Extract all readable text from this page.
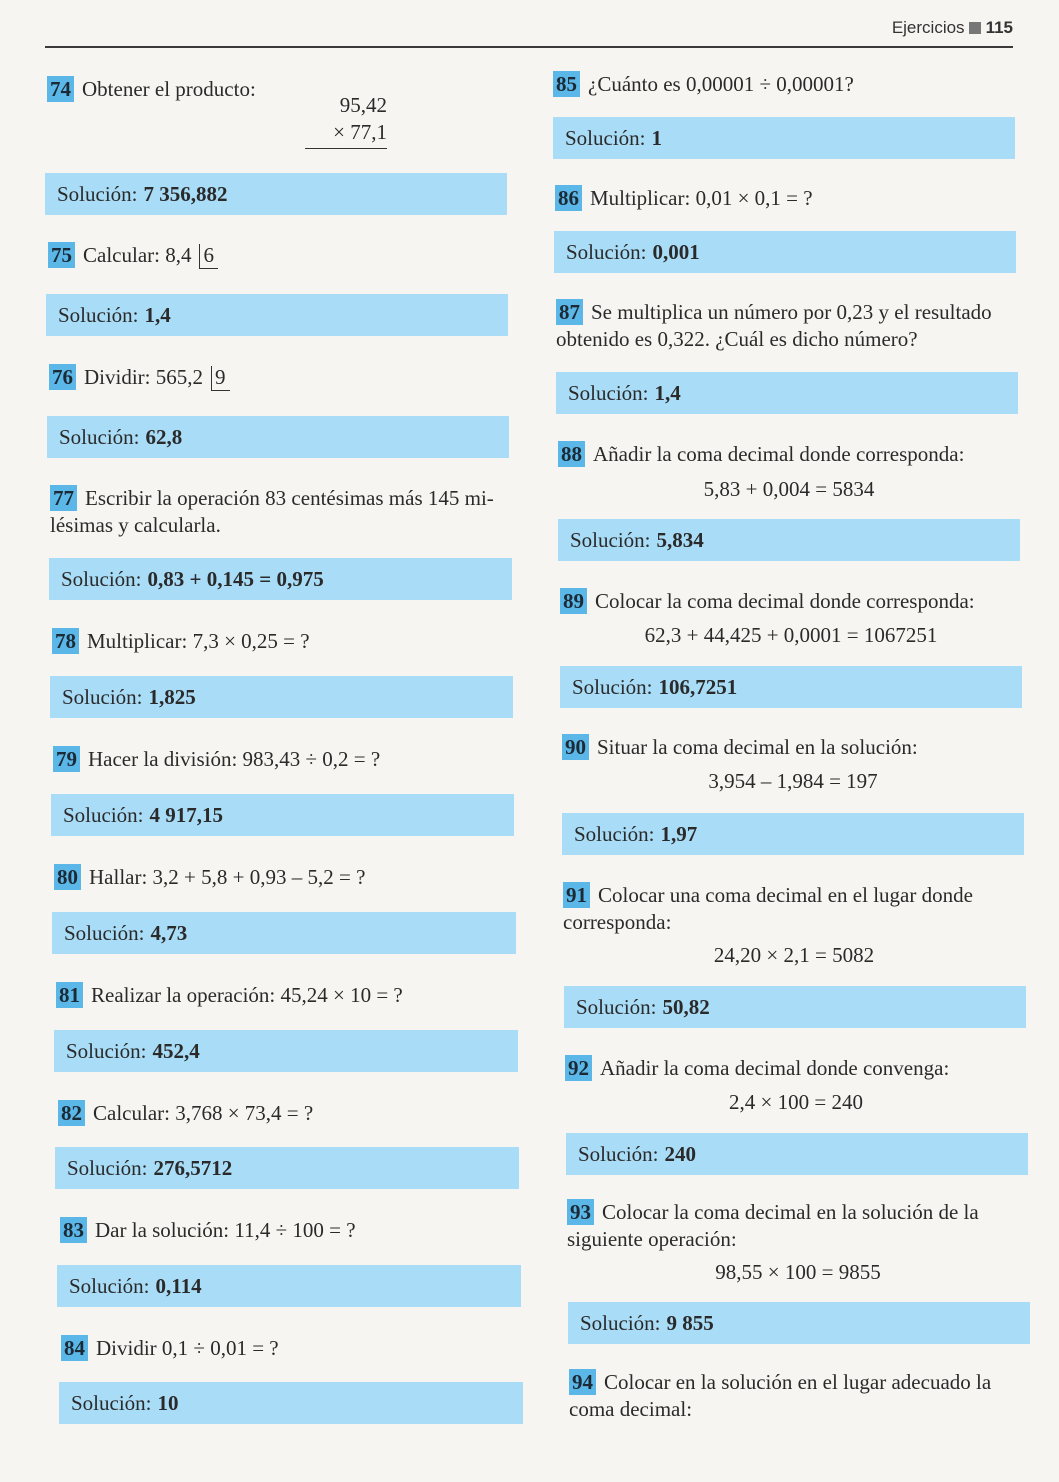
Ejercicios 115
74 Obtener el producto:
95,42
× 77,1
Solución: 7 356,882
75 Calcular: 8,4 6
Solución: 1,4
76 Dividir: 565,2 9
Solución: 62,8
77 Escribir la operación 83 centésimas más 145 mi-
lésimas y calcularla.
Solución: 0,83 + 0,145 = 0,975
78 Multiplicar: 7,3 × 0,25 = ?
Solución: 1,825
79 Hacer la división: 983,43 ÷ 0,2 = ?
Solución: 4 917,15
80 Hallar: 3,2 + 5,8 + 0,93 – 5,2 = ?
Solución: 4,73
81 Realizar la operación: 45,24 × 10 = ?
Solución: 452,4
82 Calcular: 3,768 × 73,4 = ?
Solución: 276,5712
83 Dar la solución: 11,4 ÷ 100 = ?
Solución: 0,114
84 Dividir 0,1 ÷ 0,01 = ?
Solución: 10
85 ¿Cuánto es 0,00001 ÷ 0,00001?
Solución: 1
86 Multiplicar: 0,01 × 0,1 = ?
Solución: 0,001
87 Se multiplica un número por 0,23 y el resultado
obtenido es 0,322. ¿Cuál es dicho número?
Solución: 1,4
88 Añadir la coma decimal donde corresponda:
5,83 + 0,004 = 5834
Solución: 5,834
89 Colocar la coma decimal donde corresponda:
62,3 + 44,425 + 0,0001 = 1067251
Solución: 106,7251
90 Situar la coma decimal en la solución:
3,954 – 1,984 = 197
Solución: 1,97
91 Colocar una coma decimal en el lugar donde
corresponda:
24,20 × 2,1 = 5082
Solución: 50,82
92 Añadir la coma decimal donde convenga:
2,4 × 100 = 240
Solución: 240
93 Colocar la coma decimal en la solución de la
siguiente operación:
98,55 × 100 = 9855
Solución: 9 855
94 Colocar en la solución en el lugar adecuado la
coma decimal:
